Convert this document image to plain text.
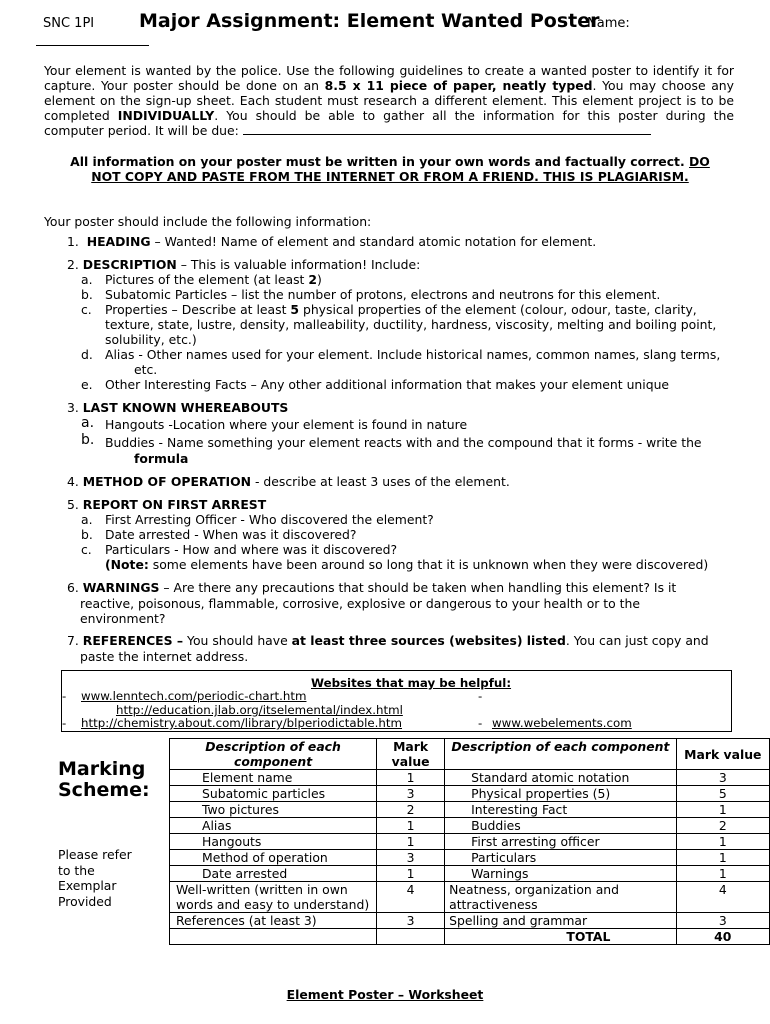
SNC 1PI Major Assignment: Element Wanted Poster
Name:
Your element is wanted by the police. Use the following guidelines to create a wanted poster to identify it for capture. Your poster should be done on an 8.5 x 11 piece of paper, neatly typed. You may choose any element on the sign-up sheet. Each student must research a different element. This element project is to be completed INDIVIDUALLY. You should be able to gather all the information for this poster during the computer period. It will be due:
All information on your poster must be written in your own words and factually correct. DO NOT COPY AND PASTE FROM THE INTERNET OR FROM A FRIEND. THIS IS PLAGIARISM.
Your poster should include the following information:
1. HEADING – Wanted! Name of element and standard atomic notation for element.
2. DESCRIPTION – This is valuable information! Include:
a. Pictures of the element (at least 2)
b. Subatomic Particles – list the number of protons, electrons and neutrons for this element.
c. Properties – Describe at least 5 physical properties of the element (colour, odour, taste, clarity,
texture, state, lustre, density, malleability, ductility, hardness, viscosity, melting and boiling point,
solubility, etc.)
d. Alias - Other names used for your element. Include historical names, common names, slang terms,
etc.
e. Other Interesting Facts – Any other additional information that makes your element unique
3. LAST KNOWN WHEREABOUTS
a. Hangouts -Location where your element is found in nature
b. Buddies - Name something your element reacts with and the compound that it forms - write the
formula
4. METHOD OF OPERATION - describe at least 3 uses of the element.
5. REPORT ON FIRST ARREST
a. First Arresting Officer - Who discovered the element?
b. Date arrested - When was it discovered?
c. Particulars - How and where was it discovered?
(Note: some elements have been around so long that it is unknown when they were discovered)
6. WARNINGS – Are there any precautions that should be taken when handling this element? Is it
reactive, poisonous, flammable, corrosive, explosive or dangerous to your health or to the
environment?
7. REFERENCES – You should have at least three sources (websites) listed. You can just copy and
paste the internet address.
Websites that may be helpful:
- www.lenntech.com/periodic-chart.htm	-
http://education.jlab.org/itselemental/index.html
- http://chemistry.about.com/library/blperiodictable.htm	- www.webelements.com
Marking
Scheme:
Please refer
to the
Exemplar
Provided
Description of each component	Mark value	Description of each component	Mark value
Element name	1	Standard atomic notation	3
Subatomic particles	3	Physical properties (5)	5
Two pictures	2	Interesting Fact	1
Alias	1	Buddies	2
Hangouts	1	First arresting officer	1
Method of operation	3	Particulars	1
Date arrested	1	Warnings	1
Well-written (written in own words and easy to understand)	4	Neatness, organization and attractiveness	4
References (at least 3)	3	Spelling and grammar	3
		TOTAL	40
Element Poster – Worksheet
